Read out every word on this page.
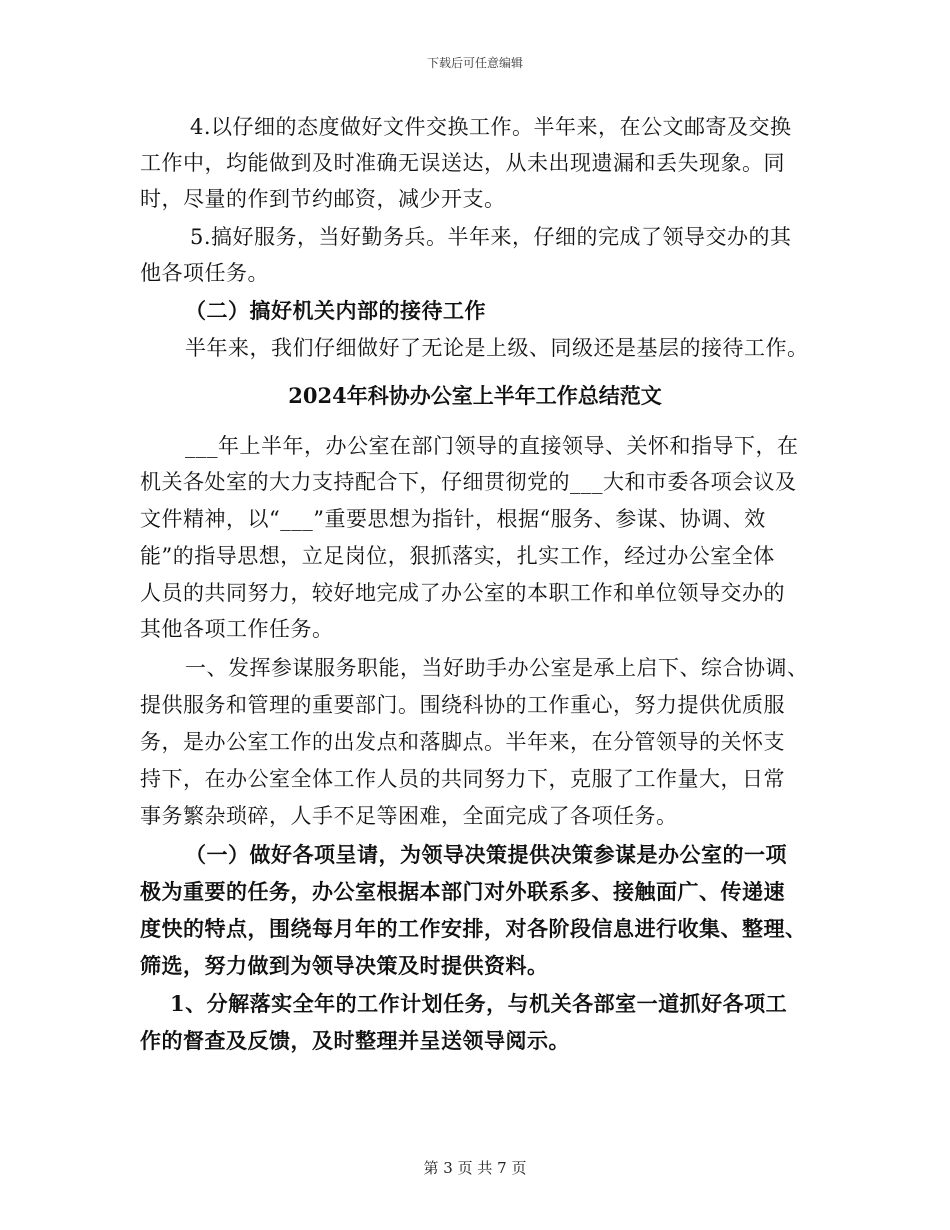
下载后可任意编辑
4.以仔细的态度做好文件交换工作。半年来，在公文邮寄及交换
工作中，均能做到及时准确无误送达，从未出现遗漏和丢失现象。同
时，尽量的作到节约邮资，减少开支。
5.搞好服务，当好勤务兵。半年来，仔细的完成了领导交办的其
他各项任务。
（二）搞好机关内部的接待工作
半年来，我们仔细做好了无论是上级、同级还是基层的接待工作。
2024年科协办公室上半年工作总结范文
___年上半年，办公室在部门领导的直接领导、关怀和指导下，在
机关各处室的大力支持配合下，仔细贯彻党的___大和市委各项会议及
文件精神，以“___”重要思想为指针，根据“服务、参谋、协调、效
能”的指导思想，立足岗位，狠抓落实，扎实工作，经过办公室全体
人员的共同努力，较好地完成了办公室的本职工作和单位领导交办的
其他各项工作任务。
一、发挥参谋服务职能，当好助手办公室是承上启下、综合协调、
提供服务和管理的重要部门。围绕科协的工作重心，努力提供优质服
务，是办公室工作的出发点和落脚点。半年来，在分管领导的关怀支
持下，在办公室全体工作人员的共同努力下，克服了工作量大，日常
事务繁杂琐碎，人手不足等困难，全面完成了各项任务。
（一）做好各项呈请，为领导决策提供决策参谋是办公室的一项
极为重要的任务，办公室根据本部门对外联系多、接触面广、传递速
度快的特点，围绕每月年的工作安排，对各阶段信息进行收集、整理、
筛选，努力做到为领导决策及时提供资料。
1、分解落实全年的工作计划任务，与机关各部室一道抓好各项工
作的督查及反馈，及时整理并呈送领导阅示。
第 3 页 共 7 页
